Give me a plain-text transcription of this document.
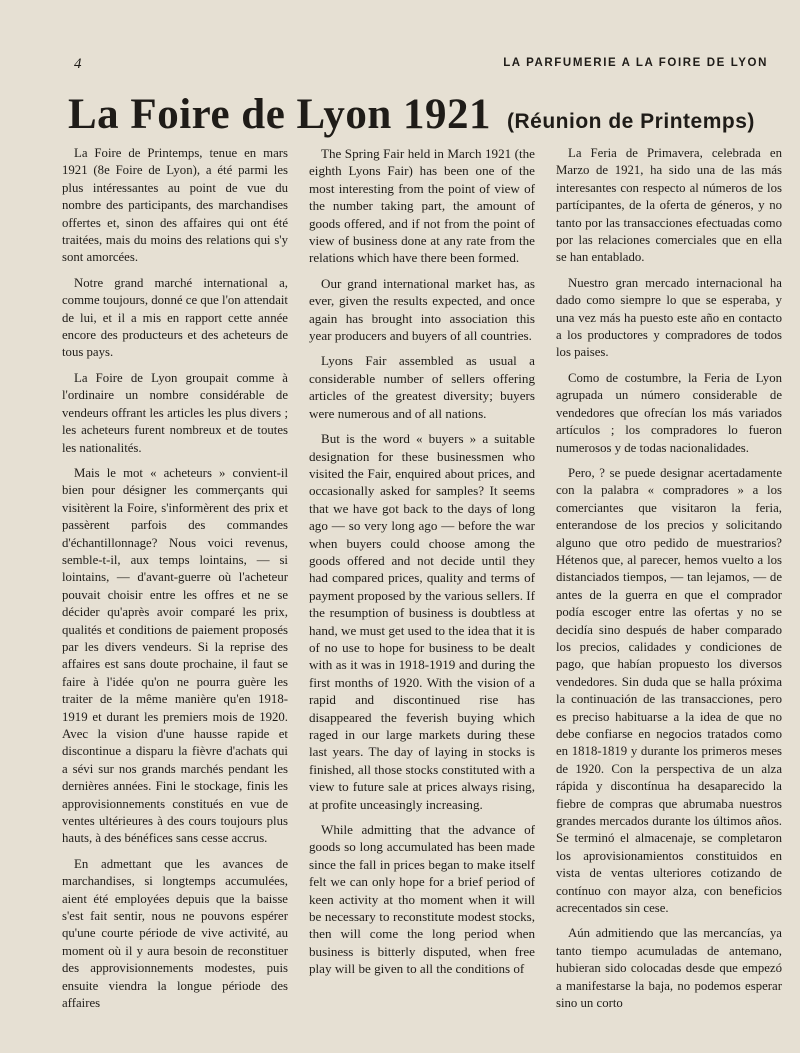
4	LA PARFUMERIE A LA FOIRE DE LYON
La Foire de Lyon 1921 (Réunion de Printemps)

La Foire de Printemps, tenue en mars 1921 (8e Foire de Lyon), a été parmi les plus intéressantes au point de vue du nombre des participants, des marchandises offertes et, sinon des affaires qui ont été traitées, mais du moins des relations qui s'y sont amorcées.

Notre grand marché international a, comme toujours, donné ce que l'on attendait de lui, et il a mis en rapport cette année encore des producteurs et des acheteurs de tous pays.

La Foire de Lyon groupait comme à l'ordinaire un nombre considérable de vendeurs offrant les articles les plus divers ; les acheteurs furent nombreux et de toutes les nationalités.

Mais le mot « acheteurs » convient-il bien pour désigner les commerçants qui visitèrent la Foire, s'informèrent des prix et passèrent parfois des commandes d'échantillonnage? Nous voici revenus, semble-t-il, aux temps lointains, — si lointains, — d'avant-guerre où l'acheteur pouvait choisir entre les offres et ne se décider qu'après avoir comparé les prix, qualités et conditions de paiement proposés par les divers vendeurs. Si la reprise des affaires est sans doute prochaine, il faut se faire à l'idée qu'on ne pourra guère les traiter de la même manière qu'en 1918-1919 et durant les premiers mois de 1920. Avec la vision d'une hausse rapide et discontinue a disparu la fièvre d'achats qui a sévi sur nos grands marchés pendant les dernières années. Fini le stockage, finis les approvisionnements constitués en vue de ventes ultérieures à des cours toujours plus hauts, à des bénéfices sans cesse accrus.

En admettant que les avances de marchandises, si longtemps accumulées, aient été employées depuis que la baisse s'est fait sentir, nous ne pouvons espérer qu'une courte période de vive activité, au moment où il y aura besoin de reconstituer des approvisionnements modestes, puis ensuite viendra la longue période des affaires

The Spring Fair held in March 1921 (the eighth Lyons Fair) has been one of the most interesting from the point of view of the number taking part, the amount of goods offered, and if not from the point of view of business done at any rate from the relations which have there been formed.

Our grand international market has, as ever, given the results expected, and once again has brought into association this year producers and buyers of all countries.

Lyons Fair assembled as usual a considerable number of sellers offering articles of the greatest diversity; buyers were numerous and of all nations.

But is the word « buyers » a suitable designation for these businessmen who visited the Fair, enquired about prices, and occasionally asked for samples? It seems that we have got back to the days of long ago — so very long ago — before the war when buyers could choose among the goods offered and not decide until they had compared prices, quality and terms of payment proposed by the various sellers. If the resumption of business is doubtless at hand, we must get used to the idea that it is of no use to hope for business to be dealt with as it was in 1918-1919 and during the first months of 1920. With the vision of a rapid and discontinued rise has disappeared the feverish buying which raged in our large markets during these last years. The day of laying in stocks is finished, all those stocks constituted with a view to future sale at prices always rising, at profite unceasingly increasing.

While admitting that the advance of goods so long accumulated has been made since the fall in prices began to make itself felt we can only hope for a brief period of keen activity at tho moment when it will be necessary to reconstitute modest stocks, then will come the long period when business is bitterly disputed, when free play will be given to all the conditions of

La Feria de Primavera, celebrada en Marzo de 1921, ha sido una de las más interesantes con respecto al números de los partícipantes, de la oferta de géneros, y no tanto por las transacciones efectuadas como por las relaciones comerciales que en ella se han entablado.

Nuestro gran mercado internacional ha dado como siempre lo que se esperaba, y una vez más ha puesto este año en contacto a los productores y compradores de todos los paises.

Como de costumbre, la Feria de Lyon agrupada un número considerable de vendedores que ofrecían los más variados artículos ; los compradores lo fueron numerosos y de todas nacionalidades.

Pero, ? se puede designar acertadamente con la palabra « compradores » a los comerciantes que visitaron la feria, enterandose de los precios y solicitando alguno que otro pedido de muestrarios? Hétenos que, al parecer, hemos vuelto a los distanciados tiempos, — tan lejamos, — de antes de la guerra en que el comprador podía escoger entre las ofertas y no se decidía sino después de haber comparado los precios, calidades y condiciones de pago, que habían propuesto los diversos vendedores. Sin duda que se halla próxima la continuación de las transacciones, pero es preciso habituarse a la idea de que no debe confiarse en negocios tratados como en 1818-1819 y durante los primeros meses de 1920. Con la perspectiva de un alza rápida y discontínua ha desaparecido la fiebre de compras que abrumaba nuestros grandes mercados durante los últimos años. Se terminó el almacenaje, se completaron los aprovisionamientos constituidos en vista de ventas ulteriores cotizando de contínuo con mayor alza, con beneficios acrecentados sin cese.

Aún admitiendo que las mercancías, ya tanto tiempo acumuladas de antemano, hubieran sido colocadas desde que empezó a manifestarse la baja, no podemos esperar sino un corto
